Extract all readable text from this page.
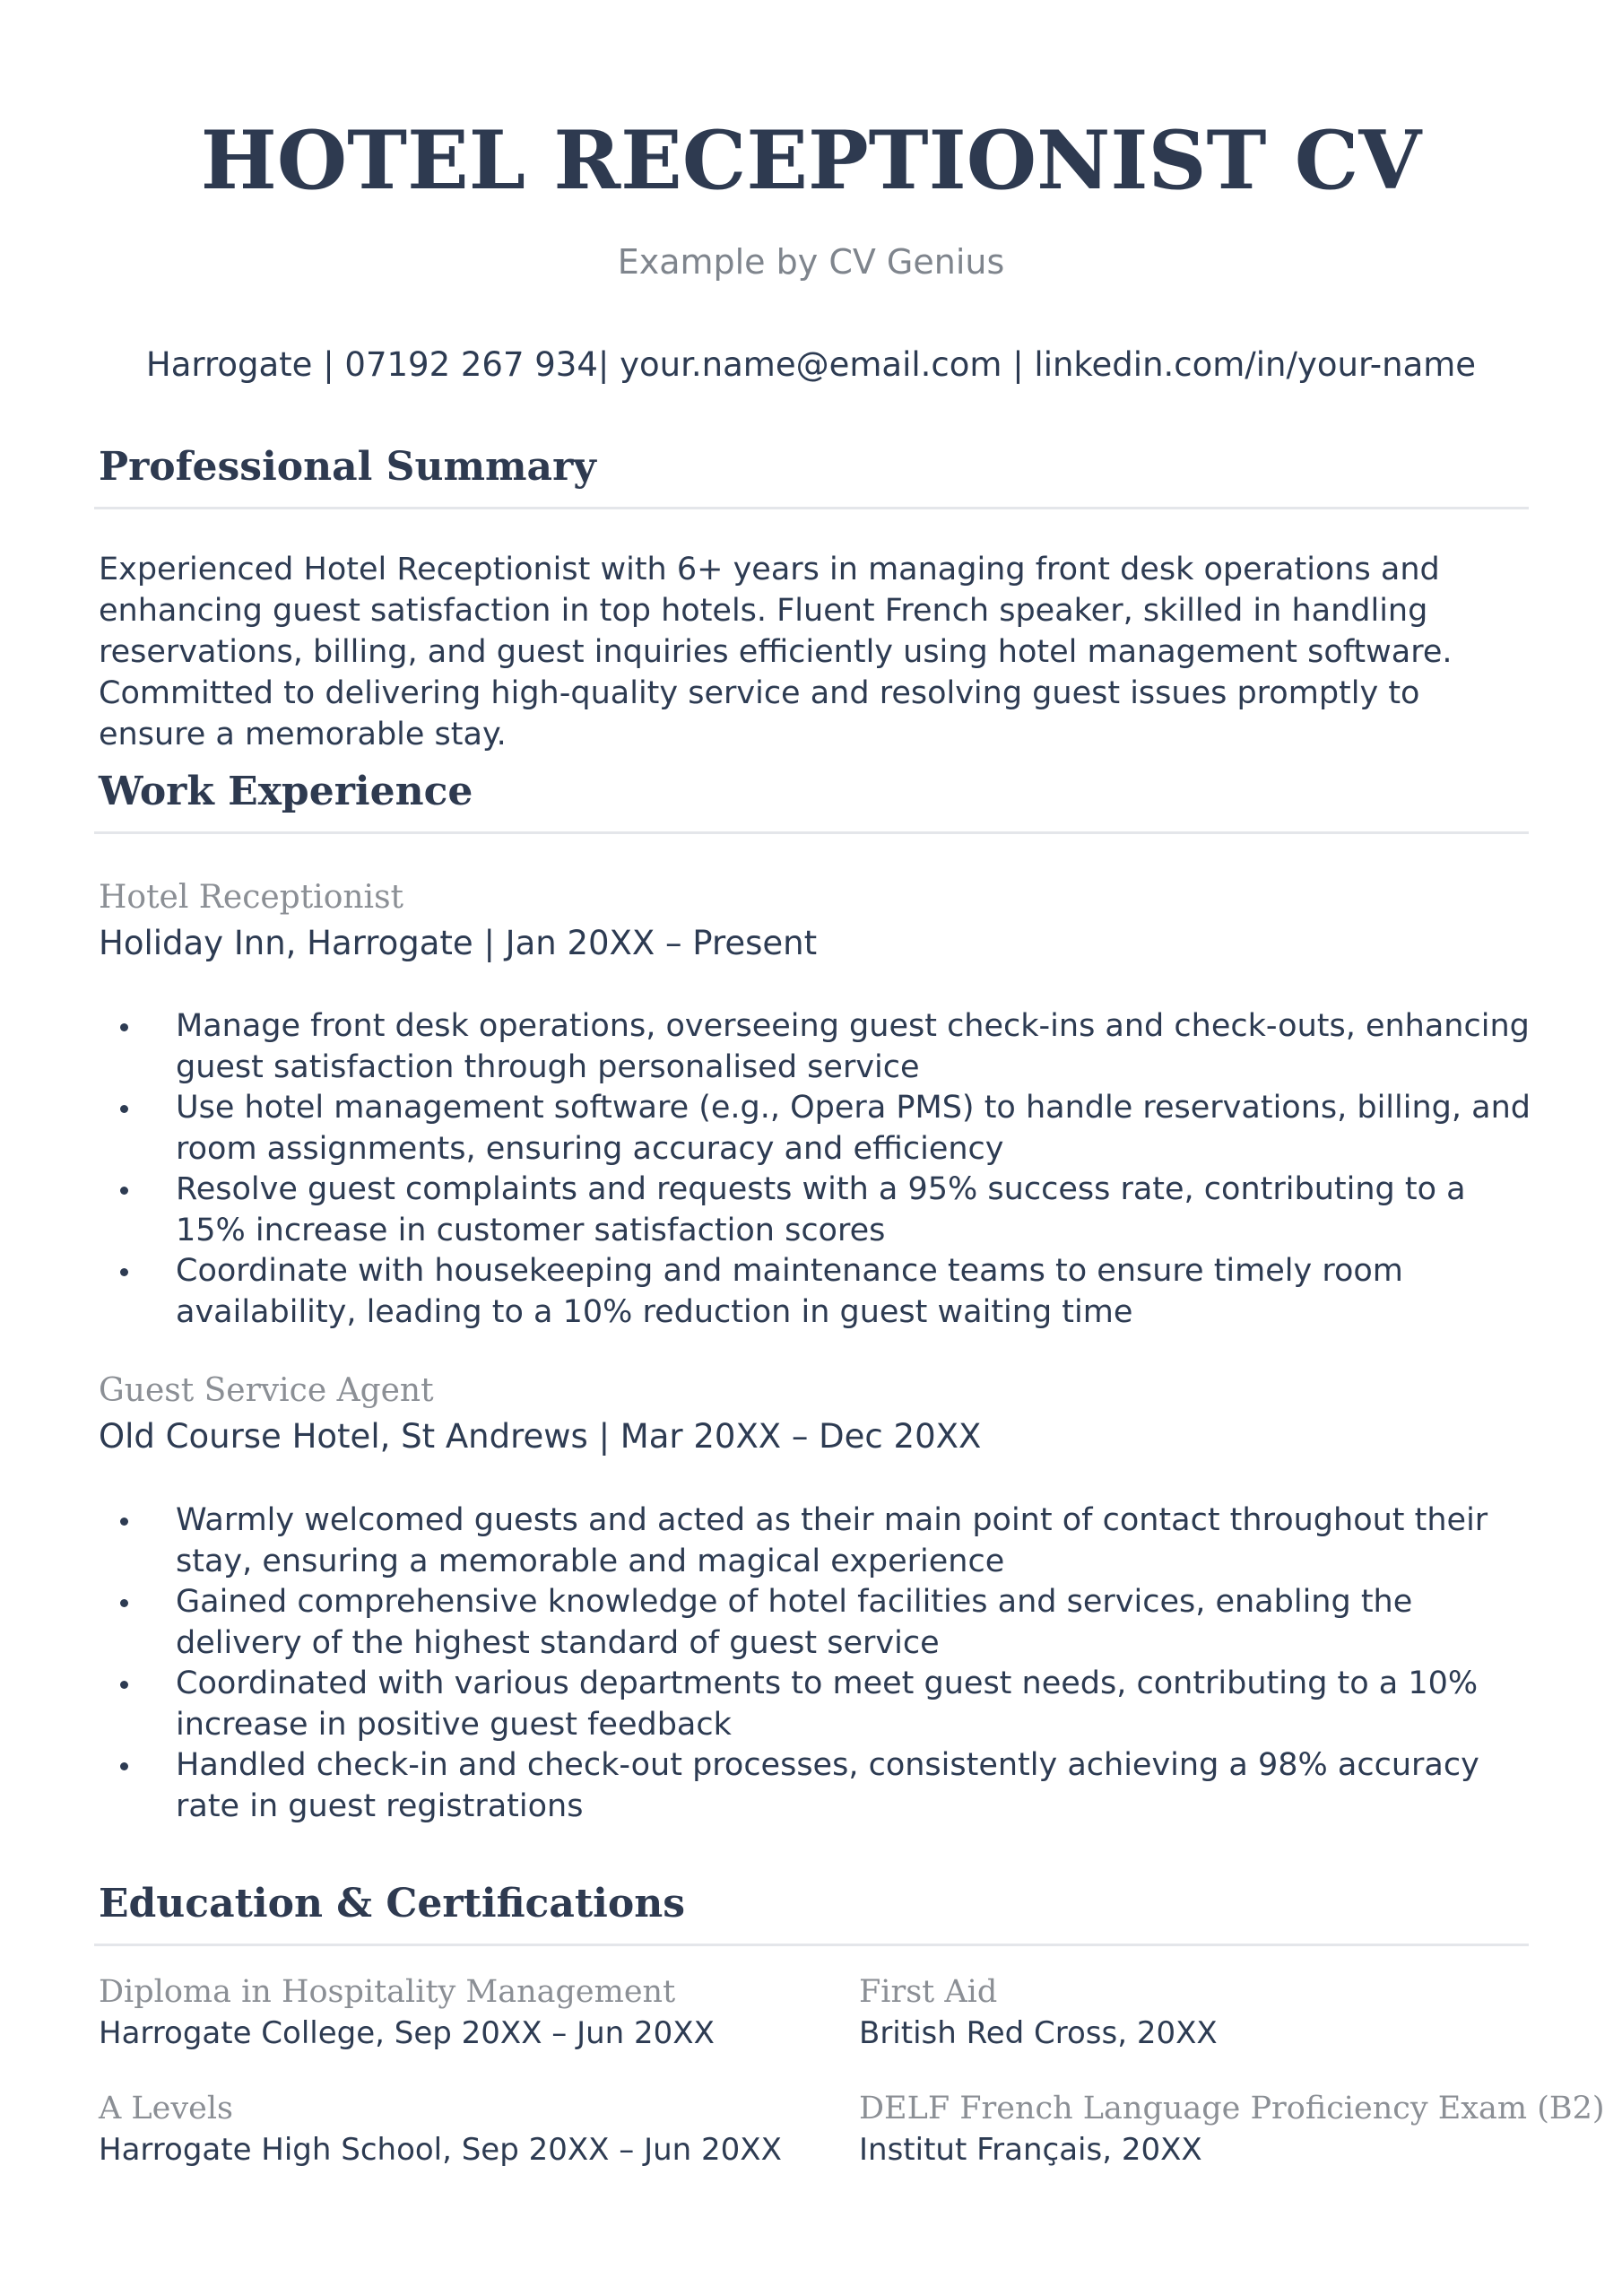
HOTEL RECEPTIONIST CV
Example by CV Genius
Harrogate | 07192 267 934| your.name@email.com | linkedin.com/in/your-name
Professional Summary
Experienced Hotel Receptionist with 6+ years in managing front desk operations and enhancing guest satisfaction in top hotels. Fluent French speaker, skilled in handling reservations, billing, and guest inquiries efficiently using hotel management software. Committed to delivering high-quality service and resolving guest issues promptly to ensure a memorable stay.
Work Experience
Hotel Receptionist
Holiday Inn, Harrogate | Jan 20XX – Present
Manage front desk operations, overseeing guest check-ins and check-outs, enhancing guest satisfaction through personalised service
Use hotel management software (e.g., Opera PMS) to handle reservations, billing, and room assignments, ensuring accuracy and efficiency
Resolve guest complaints and requests with a 95% success rate, contributing to a 15% increase in customer satisfaction scores
Coordinate with housekeeping and maintenance teams to ensure timely room availability, leading to a 10% reduction in guest waiting time
Guest Service Agent
Old Course Hotel, St Andrews | Mar 20XX – Dec 20XX
Warmly welcomed guests and acted as their main point of contact throughout their stay, ensuring a memorable and magical experience
Gained comprehensive knowledge of hotel facilities and services, enabling the delivery of the highest standard of guest service
Coordinated with various departments to meet guest needs, contributing to a 10% increase in positive guest feedback
Handled check-in and check-out processes, consistently achieving a 98% accuracy rate in guest registrations
Education & Certifications
Diploma in Hospitality Management
Harrogate College, Sep 20XX – Jun 20XX
A Levels
Harrogate High School, Sep 20XX – Jun 20XX
First Aid
British Red Cross, 20XX
DELF French Language Proficiency Exam (B2)
Institut Français, 20XX
